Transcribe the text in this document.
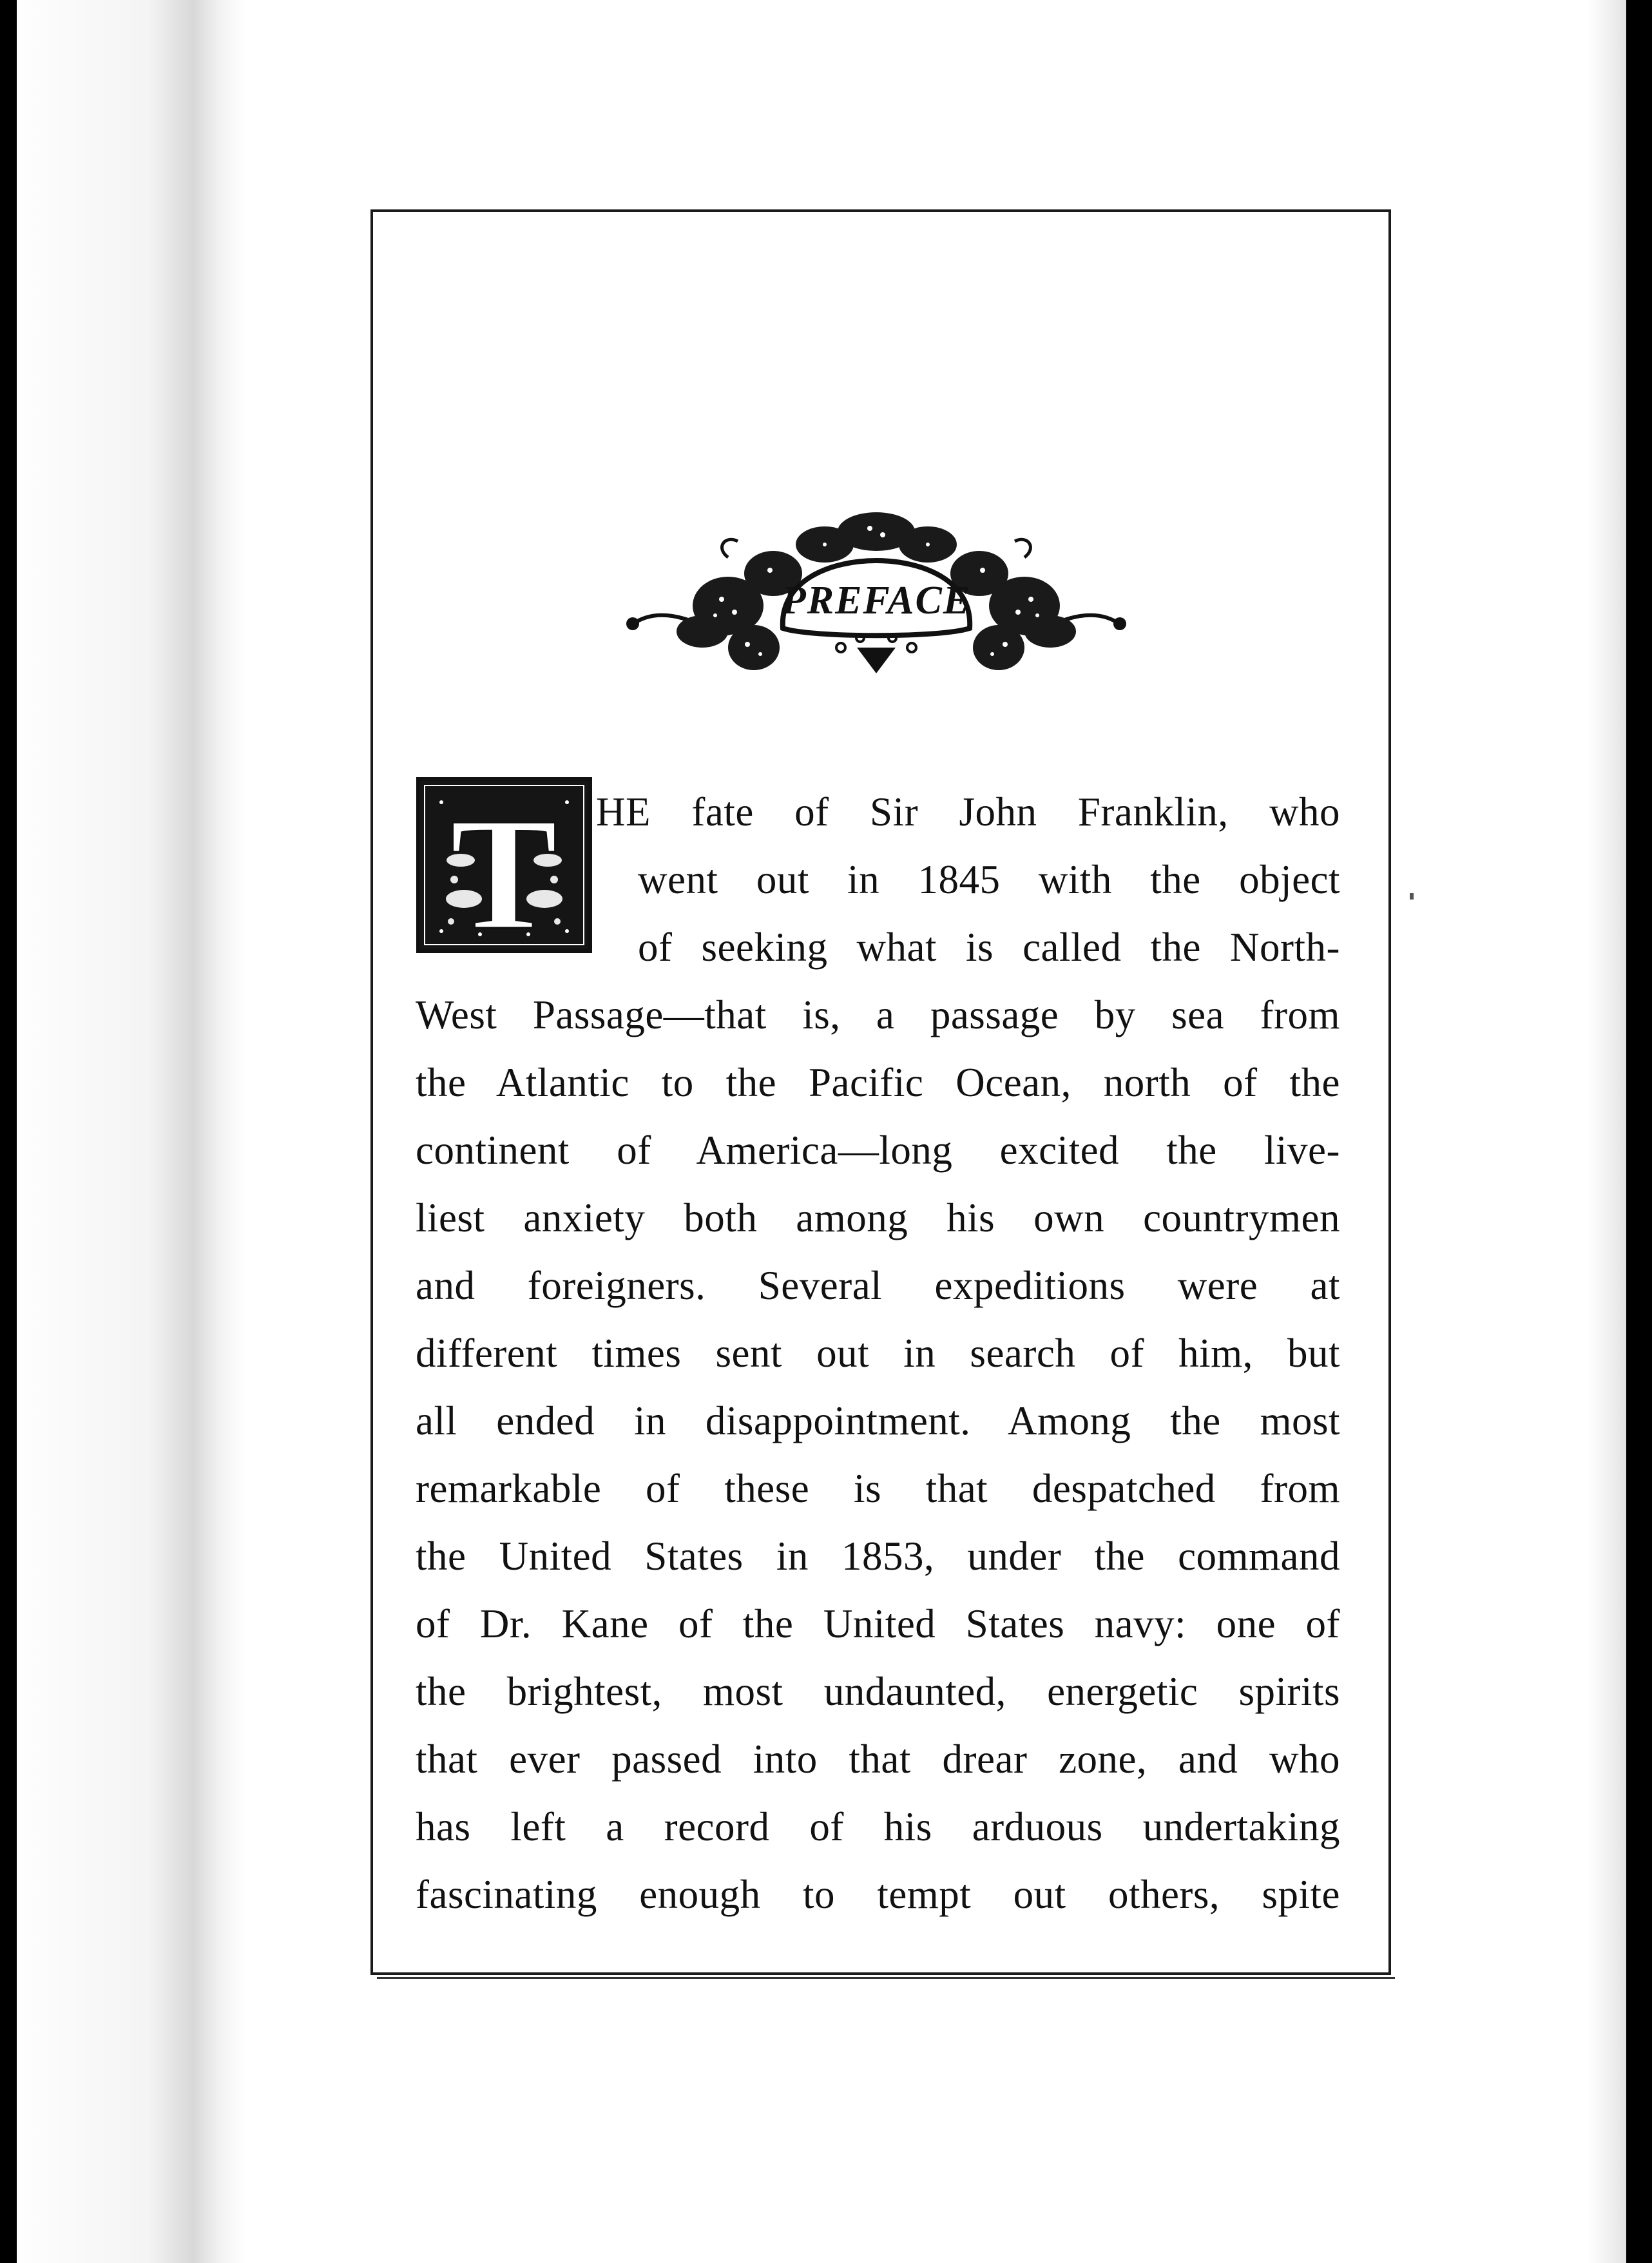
PREFACE
T HE fate of Sir John Franklin, who
went out in 1845 with the object
of seeking what is called the North-
West Passage—that is, a passage by sea from
the Atlantic to the Pacific Ocean, north of the
continent of America—long excited the live-
liest anxiety both among his own countrymen
and foreigners. Several expeditions were at
different times sent out in search of him, but
all ended in disappointment. Among the most
remarkable of these is that despatched from
the United States in 1853, under the command
of Dr. Kane of the United States navy: one of
the brightest, most undaunted, energetic spirits
that ever passed into that drear zone, and who
has left a record of his arduous undertaking
fascinating enough to tempt out others, spite
